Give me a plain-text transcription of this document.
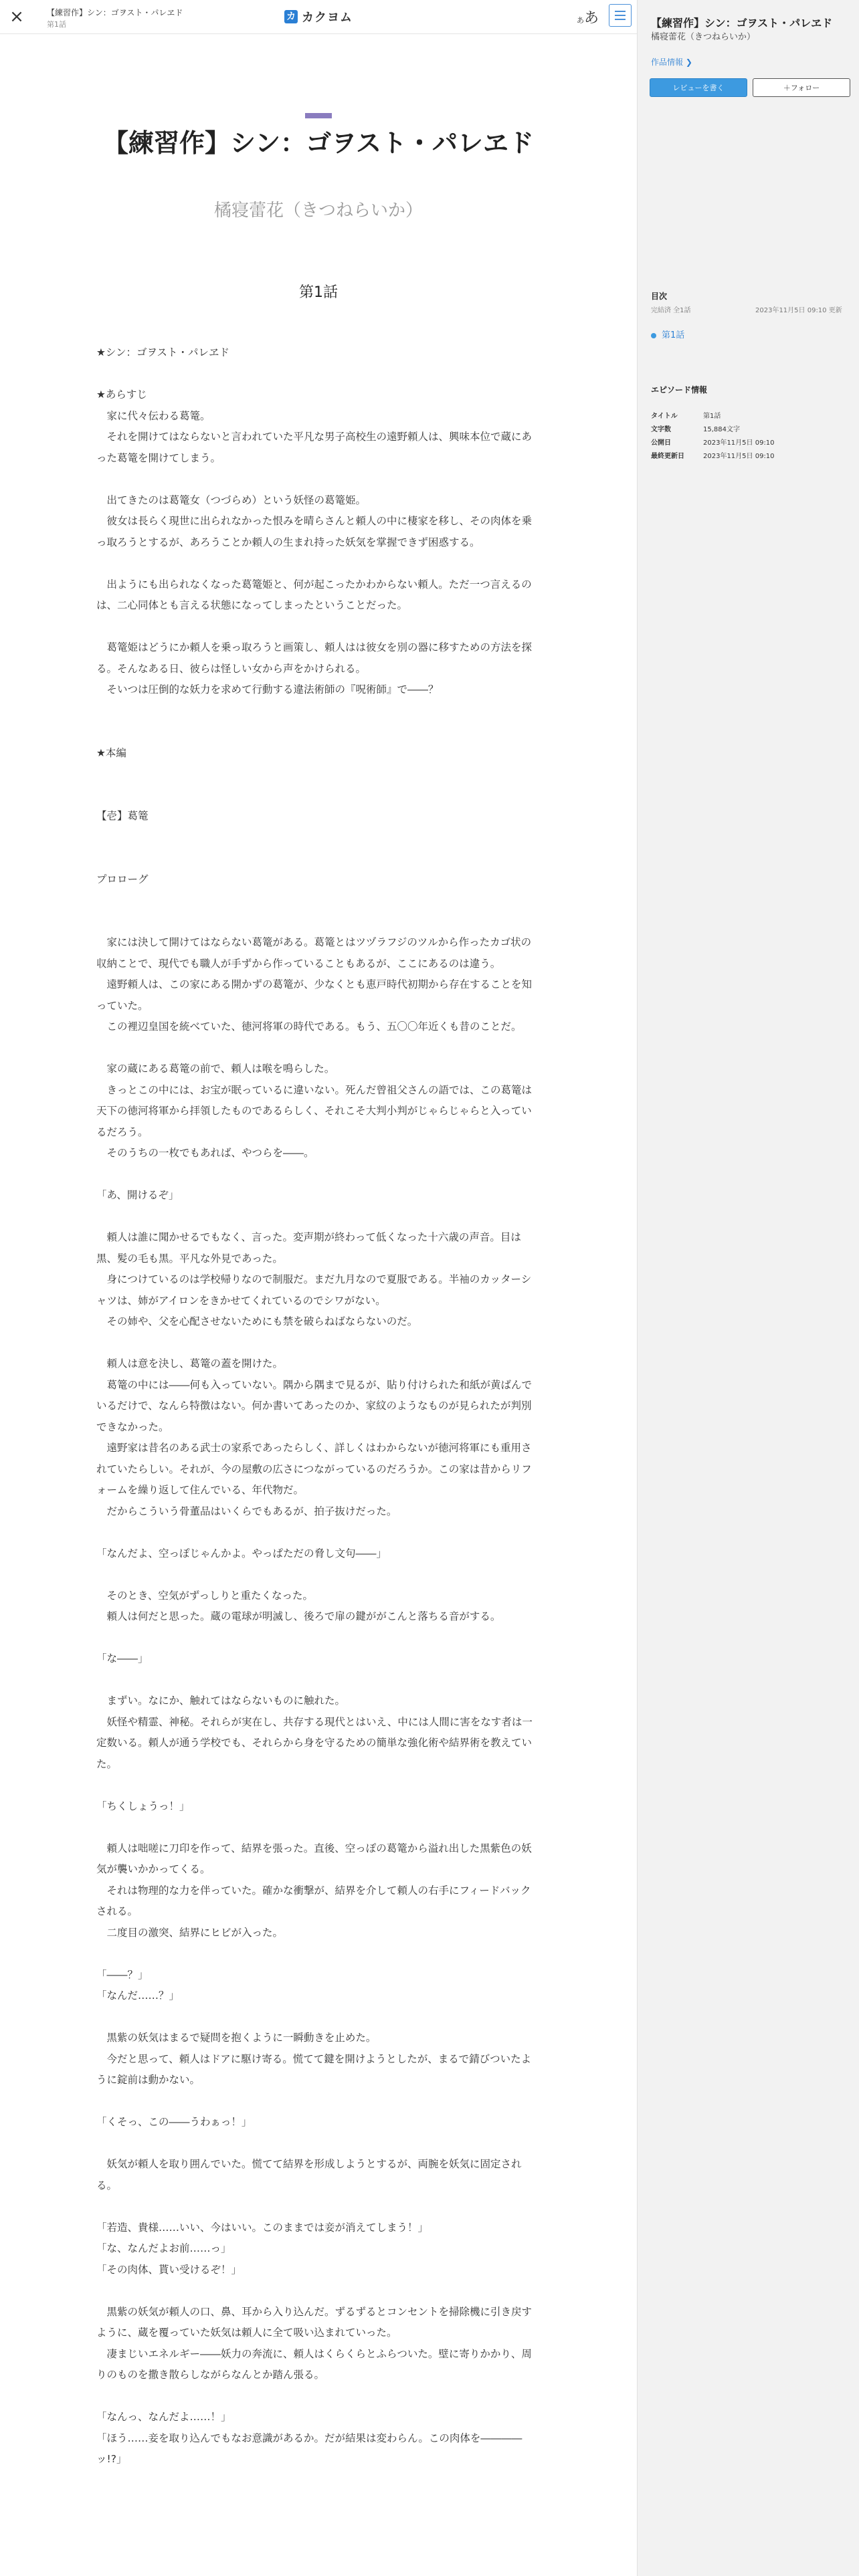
×	【練習作】シン：ゴヲスト・パレヱド
第1話
カ カクヨム	ああ
【練習作】シン：ゴヲスト・パレヱド
橘寝蕾花（きつねらいか）
第1話

★シン：ゴヲスト・パレヱド

★あらすじ

　家に代々伝わる葛篭。

　それを開けてはならないと言われていた平凡な男子高校生の遠野頼人は、興味本位で蔵にあった葛篭を開けてしまう。

　出てきたのは葛篭女（つづらめ）という妖怪の葛篭姫。

　彼女は長らく現世に出られなかった恨みを晴らさんと頼人の中に棲家を移し、その肉体を乗っ取ろうとするが、あろうことか頼人の生まれ持った妖気を掌握できず困惑する。

　出ようにも出られなくなった葛篭姫と、何が起こったかわからない頼人。ただ一つ言えるのは、二心同体とも言える状態になってしまったということだった。

　葛篭姫はどうにか頼人を乗っ取ろうと画策し、頼人はは彼女を別の器に移すための方法を探る。そんなある日、彼らは怪しい女から声をかけられる。

　そいつは圧倒的な妖力を求めて行動する違法術師の『呪術師』で――？

★本編

【壱】葛篭

プロローグ

　家には決して開けてはならない葛篭がある。葛篭とはツヅラフジのツルから作ったカゴ状の収納ことで、現代でも職人が手ずから作っていることもあるが、ここにあるのは違う。

　遠野頼人は、この家にある開かずの葛篭が、少なくとも恵戸時代初期から存在することを知っていた。

　この裡辺皇国を統べていた、徳河将軍の時代である。もう、五〇〇年近くも昔のことだ。

　家の蔵にある葛篭の前で、頼人は喉を鳴らした。

　きっとこの中には、お宝が眠っているに違いない。死んだ曾祖父さんの語では、この葛篭は天下の徳河将軍から拝領したものであるらしく、それこそ大判小判がじゃらじゃらと入っているだろう。

　そのうちの一枚でもあれば、やつらを――。

「あ、開けるぞ」

　頼人は誰に聞かせるでもなく、言った。変声期が終わって低くなった十六歳の声音。目は黒、髪の毛も黒。平凡な外見であった。

　身につけているのは学校帰りなので制服だ。まだ九月なので夏服である。半袖のカッターシャツは、姉がアイロンをきかせてくれているのでシワがない。

　その姉や、父を心配させないためにも禁を破らねばならないのだ。

　頼人は意を決し、葛篭の蓋を開けた。

　葛篭の中には――何も入っていない。隅から隅まで見るが、貼り付けられた和紙が黄ばんでいるだけで、なんら特徴はない。何か書いてあったのか、家紋のようなものが見られたが判別できなかった。

　遠野家は昔名のある武士の家系であったらしく、詳しくはわからないが徳河将軍にも重用されていたらしい。それが、今の屋敷の広さにつながっているのだろうか。この家は昔からリフォームを繰り返して住んでいる、年代物だ。

　だからこういう骨董品はいくらでもあるが、拍子抜けだった。

「なんだよ、空っぽじゃんかよ。やっぱただの脅し文句――」

　そのとき、空気がずっしりと重たくなった。

　頼人は何だと思った。蔵の電球が明滅し、後ろで扉の鍵ががこんと落ちる音がする。

「な――」

　まずい。なにか、触れてはならないものに触れた。

　妖怪や精霊、神秘。それらが実在し、共存する現代とはいえ、中には人間に害をなす者は一定数いる。頼人が通う学校でも、それらから身を守るための簡単な強化術や結界術を教えていた。

「ちくしょうっ！」

　頼人は咄嗟に刀印を作って、結界を張った。直後、空っぽの葛篭から溢れ出した黒紫色の妖気が襲いかかってくる。

　それは物理的な力を伴っていた。確かな衝撃が、結界を介して頼人の右手にフィードバックされる。

　二度目の激突、結界にヒビが入った。

「――？」

「なんだ……？」

　黒紫の妖気はまるで疑問を抱くように一瞬動きを止めた。

　今だと思って、頼人はドアに駆け寄る。慌てて鍵を開けようとしたが、まるで錆びついたように錠前は動かない。

「くそっ、この――うわぁっ！」

　妖気が頼人を取り囲んでいた。慌てて結界を形成しようとするが、両腕を妖気に固定される。

「若造、貴様……いい、今はいい。このままでは妾が消えてしまう！」

「な、なんだよお前……っ」

「その肉体、貰い受けるぞ！」

　黒紫の妖気が頼人の口、鼻、耳から入り込んだ。ずるずるとコンセントを掃除機に引き戻すように、蔵を覆っていた妖気は頼人に全て吸い込まれていった。

　凄まじいエネルギー――妖力の奔流に、頼人はくらくらとふらついた。壁に寄りかかり、周りのものを撒き散らしながらなんとか踏ん張る。

「なんっ、なんだよ……！」

「ほう……妾を取り込んでもなお意識があるか。だが結果は変わらん。この肉体を――――ッ!?」

【練習作】シン：ゴヲスト・パレヱド
橘寝蕾花（きつねらいか）
作品情報 ❯
レビューを書く	＋フォロー
目次
完結済 全1話	2023年11月5日 09:10 更新
第1話
エピソード情報
タイトル	第1話
文字数	15,884文字
公開日	2023年11月5日 09:10
最終更新日	2023年11月5日 09:10
